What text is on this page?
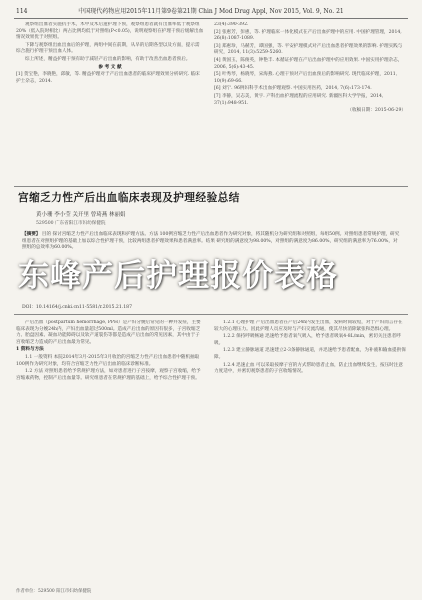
114	中国现代药物应用2015年11月第9卷第21期 Chin J Mod Drug Appl, Nov 2015, Vol. 9, No. 21

观察组出血者实施抗手术，术中及术后遗护理下预，观察组患者就有出血率低于观察组20%（低入院时相比）两占比例均低于对照组(P<0.05)，说明观察组在护理干预后缓解出血情况效果优于对照组。

下降与观察组出血出血后的护理，两组中间在前期，从早的后期各型以及方面，提示需综合施行护理干预出血人体。

综上所述，精益护理干预有助于减轻产后出血的影响，有助于改善出血患者预后。

参 考 文 献

[1] 贺宝艳，李晓艳，邱敏，等. 精益护理对于产后出血患者的临床护理效果分析研究. 临床护士杂志，2014.

23(4):390-392.

[2] 张惠芳，彭惠，等. 护理临床一体化模式在产后出血护理中的应用. 中国护理管理，2014, 26(8):1087-1089.

[3] 郑惠珍，马赫芳，谭国强，等. 平安护理模式对产后出血患者护理效果的影响. 护理实践与研究，2014, 11(3):5259-5260.

[4] 黄国玉，陈俊英，钟艳丰. 本循证护理在产后出血护理中的应用效果. 中国实用护理杂志，2006, 5(6):43-45.

[5] 叶秀琴，杨晓琴，宋海燕. 心理干预对产后出血预后的影响研究. 现代临床护理，2011, 10(9):69-66.

[6] 刘宁. 96例妇科手术出血护理观察. 中国实用医药，2014, 7(6):173-174.

[7] 李静，吴志美，黄宇. 产科出血护理流程的应用研究. 新疆医科大学学报，2014, 37(1):948-951.

（收稿日期：2015-06-29）

宫缩乏力性产后出血临床表现及护理经验总结
黄小珊 李小莹 关开里 曾琦燕 林丽娟
529500 广东省阳江市妇幼保健院
【摘要】 目的 探讨宫缩乏力性产后出血临床表现和护理方法。方法 100例宫缩乏力性产后出血患者作为研究对象，将其随机分为研究组和对照组，每组50例。对照组患者常规护理，研究组患者在对照组护理的基础上加以综合性护理干预，比较两组患者护理效果和患者满意率。结果 研究组的满意度为98.00%，对照组的满意度为86.00%，研究组的满意率为76.00%，对照组的总效率为60.00%。
东峰产后护理报价表格
DOI：10.14164/j.cnki.cn11-5581/r.2015.21.187

产后出血（postpartum hemorrhage, PPH）是产妇分娩后常见的一种并发症，主要临床表现为分娩24h内，产妇出血量超过500ml。造成产后出血的原因有很多，子宫收缩乏力、胎盘因素、凝血功能障碍以及软产道裂伤等都是造成产后出血的常见因素，其中由于子宫收缩乏力造成的产后出血最为常见。

1 资料与方法

1.1 一般资料 本院2014年3月-2015年3月收治的宫缩乏力性产后出血患者中随机抽取100例作为研究对象，均符合宫缩乏力性产后出血的临床诊断标准。

1.2 方法 对照组患者给予常规护理方法，如对患者进行子宫按摩，观察子宫收缩，给予宫缩素药物，控制产后出血量等。研究组患者在常规护理的基础上，给予综合性护理干预。

1.2.1 心理护理 产后出血患者在产后24h内发生出血，发病时间较短，对于产妇而言存在较大的心理压力。因此护理人员应及时与产妇交流沟通，使其尽快消除紧张和恐惧心理。

1.2.2 保持呼吸畅通 迅速给予患者氧气吸入，给予患者吸氧4-8L/min，密切关注患者呼吸。

1.2.3 建立静脉通道 迅速建立2-3条静脉通道，并迅速给予患者配血，为补液和输血提供保障。

1.2.4 迅速止血 可以采取按摩子宫的方式帮助患者止血，防止出血继续发生，按压时注意力度适中，并密切观察患者的子宫收缩情况。

作者单位：529500 阳江市妇幼保健院
